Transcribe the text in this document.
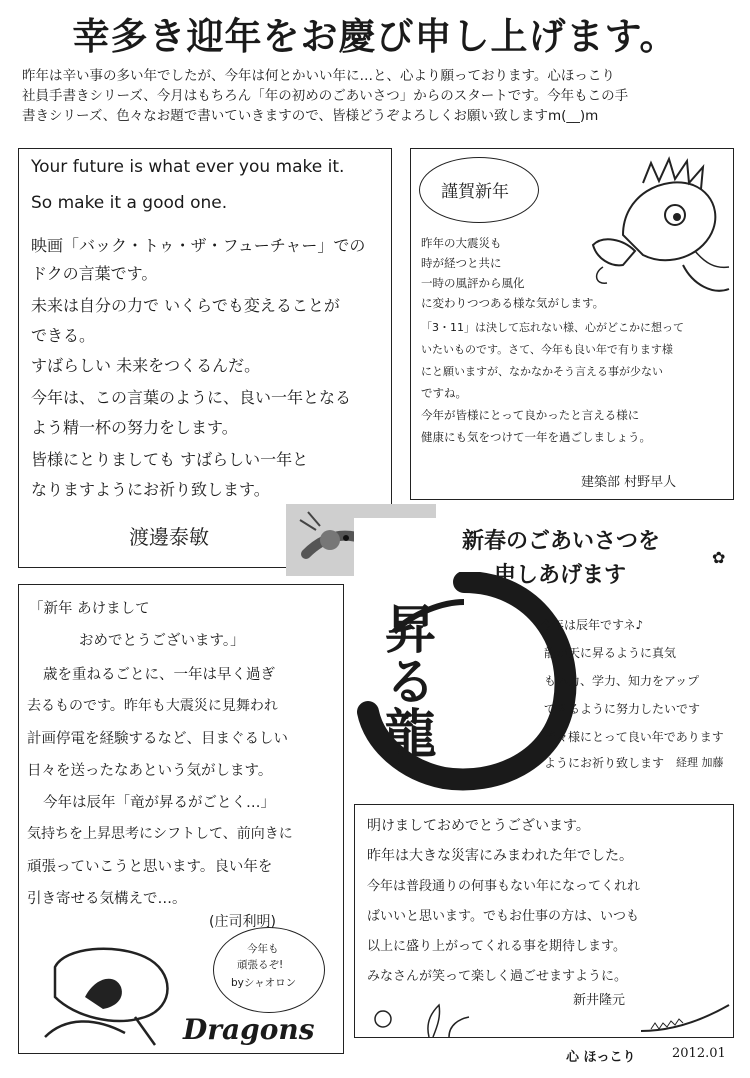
幸多き迎年をお慶び申し上げます。
昨年は辛い事の多い年でしたが、今年は何とかいい年に…と、心より願っております。心ほっこり
社員手書きシリーズ、今月はもちろん「年の初めのごあいさつ」からのスタートです。今年もこの手
書きシリーズ、色々なお題で書いていきますので、皆様どうぞよろしくお願い致しますm(__)m
Your future is what ever you make it.
So make it a good one.
映画「バック・トゥ・ザ・フューチャー」での
ドクの言葉です。
未来は自分の力で いくらでも変えることが
できる。
すばらしい 未来をつくるんだ。
今年は、この言葉のように、良い一年となる
よう精一杯の努力をします。
皆様にとりましても すばらしい一年と
なりますようにお祈り致します。
渡邊泰敏
謹賀新年
昨年の大震災も
時が経つと共に
一時の風評から風化
に変わりつつある様な気がします。
「3・11」は決して忘れない様、心がどこかに想って
いたいものです。さて、今年も良い年で有ります様
にと願いますが、なかなかそう言える事が少ない
ですね。
今年が皆様にとって良かったと言える様に
健康にも気をつけて一年を過ごしましょう。
建築部 村野早人
新春のごあいさつを
申しあげます
昇る龍	今年は辰年ですネ♪
龍が天に昇るように真気
も体力、学力、知力をアップ
できるように努力したいです
皆々様にとって良い年であります
ようにお祈り致します 経理 加藤
✿
「新年 あけまして
おめでとうございます。」
歳を重ねるごとに、一年は早く過ぎ
去るものです。昨年も大震災に見舞われ
計画停電を経験するなど、目まぐるしい
日々を送ったなあという気がします。
今年は辰年「竜が昇るがごとく…」
気持ちを上昇思考にシフトして、前向きに
頑張っていこうと思います。良い年を
引き寄せる気構えで…。
(庄司利明)
今年も
頑張るぞ!
byシャオロン
Dragons
明けましておめでとうございます。
昨年は大きな災害にみまわれた年でした。
今年は普段通りの何事もない年になってくれれ
ばいいと思います。でもお仕事の方は、いつも
以上に盛り上がってくれる事を期待します。
みなさんが笑って楽しく過ごせますように。
新井隆元
心 ほっこり	2012.01
